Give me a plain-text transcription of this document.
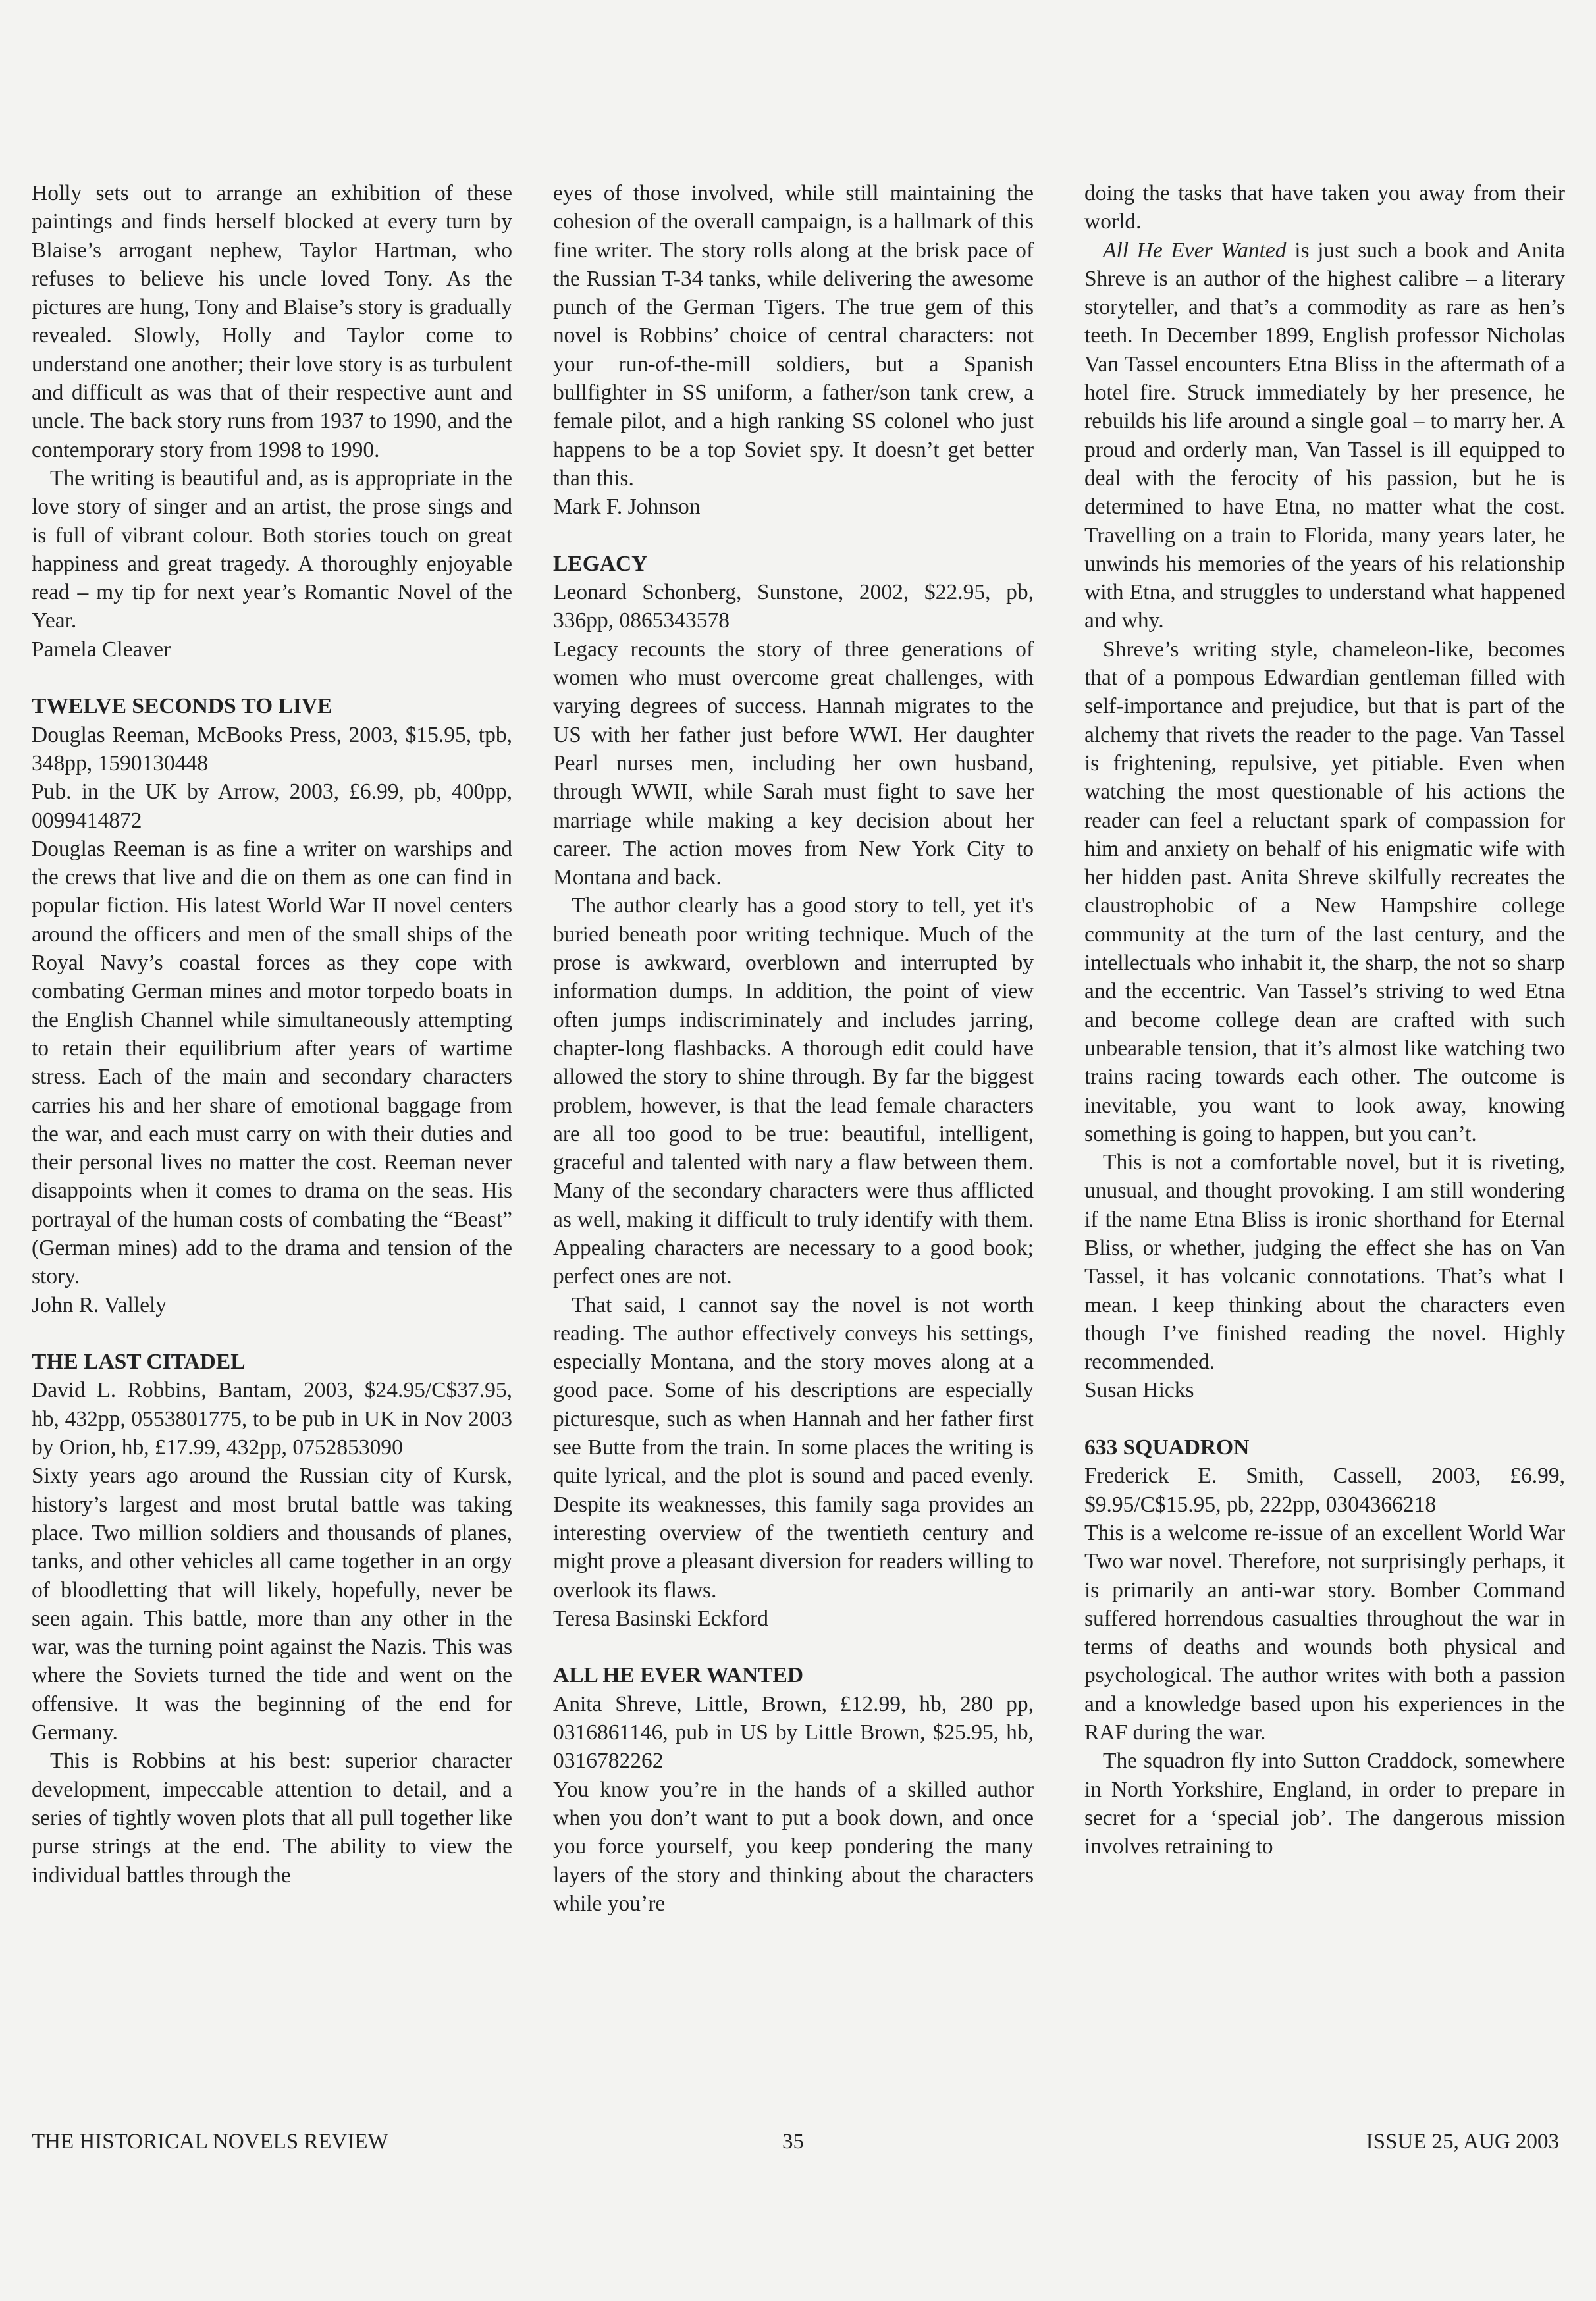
Holly sets out to arrange an exhibition of these paintings and finds herself blocked at every turn by Blaise’s arrogant nephew, Taylor Hartman, who refuses to believe his uncle loved Tony. As the pictures are hung, Tony and Blaise’s story is gradually revealed. Slowly, Holly and Taylor come to understand one another; their love story is as turbulent and difficult as was that of their respective aunt and uncle. The back story runs from 1937 to 1990, and the contemporary story from 1998 to 1990.

The writing is beautiful and, as is appropriate in the love story of singer and an artist, the prose sings and is full of vibrant colour. Both stories touch on great happiness and great tragedy. A thoroughly enjoyable read – my tip for next year’s Romantic Novel of the Year.

Pamela Cleaver

TWELVE SECONDS TO LIVE

Douglas Reeman, McBooks Press, 2003, $15.95, tpb, 348pp, 1590130448

Pub. in the UK by Arrow, 2003, £6.99, pb, 400pp, 0099414872

Douglas Reeman is as fine a writer on warships and the crews that live and die on them as one can find in popular fiction. His latest World War II novel centers around the officers and men of the small ships of the Royal Navy’s coastal forces as they cope with combating German mines and motor torpedo boats in the English Channel while simultaneously attempting to retain their equilibrium after years of wartime stress. Each of the main and secondary characters carries his and her share of emotional baggage from the war, and each must carry on with their duties and their personal lives no matter the cost. Reeman never disappoints when it comes to drama on the seas. His portrayal of the human costs of combating the “Beast” (German mines) add to the drama and tension of the story.

John R. Vallely

THE LAST CITADEL

David L. Robbins, Bantam, 2003, $24.95/C$37.95, hb, 432pp, 0553801775, to be pub in UK in Nov 2003 by Orion, hb, £17.99, 432pp, 0752853090

Sixty years ago around the Russian city of Kursk, history’s largest and most brutal battle was taking place. Two million soldiers and thousands of planes, tanks, and other vehicles all came together in an orgy of bloodletting that will likely, hopefully, never be seen again. This battle, more than any other in the war, was the turning point against the Nazis. This was where the Soviets turned the tide and went on the offensive. It was the beginning of the end for Germany.

This is Robbins at his best: superior character development, impeccable attention to detail, and a series of tightly woven plots that all pull together like purse strings at the end. The ability to view the individual battles through the

eyes of those involved, while still maintaining the cohesion of the overall campaign, is a hallmark of this fine writer. The story rolls along at the brisk pace of the Russian T-34 tanks, while delivering the awesome punch of the German Tigers. The true gem of this novel is Robbins’ choice of central characters: not your run-of-the-mill soldiers, but a Spanish bullfighter in SS uniform, a father/son tank crew, a female pilot, and a high ranking SS colonel who just happens to be a top Soviet spy. It doesn’t get better than this.

Mark F. Johnson

LEGACY

Leonard Schonberg, Sunstone, 2002, $22.95, pb, 336pp, 0865343578

Legacy recounts the story of three generations of women who must overcome great challenges, with varying degrees of success. Hannah migrates to the US with her father just before WWI. Her daughter Pearl nurses men, including her own husband, through WWII, while Sarah must fight to save her marriage while making a key decision about her career. The action moves from New York City to Montana and back.

The author clearly has a good story to tell, yet it's buried beneath poor writing technique. Much of the prose is awkward, overblown and interrupted by information dumps. In addition, the point of view often jumps indiscriminately and includes jarring, chapter-long flashbacks. A thorough edit could have allowed the story to shine through. By far the biggest problem, however, is that the lead female characters are all too good to be true: beautiful, intelligent, graceful and talented with nary a flaw between them. Many of the secondary characters were thus afflicted as well, making it difficult to truly identify with them. Appealing characters are necessary to a good book; perfect ones are not.

That said, I cannot say the novel is not worth reading. The author effectively conveys his settings, especially Montana, and the story moves along at a good pace. Some of his descriptions are especially picturesque, such as when Hannah and her father first see Butte from the train. In some places the writing is quite lyrical, and the plot is sound and paced evenly. Despite its weaknesses, this family saga provides an interesting overview of the twentieth century and might prove a pleasant diversion for readers willing to overlook its flaws.

Teresa Basinski Eckford

ALL HE EVER WANTED

Anita Shreve, Little, Brown, £12.99, hb, 280 pp, 0316861146, pub in US by Little Brown, $25.95, hb, 0316782262

You know you’re in the hands of a skilled author when you don’t want to put a book down, and once you force yourself, you keep pondering the many layers of the story and thinking about the characters while you’re

doing the tasks that have taken you away from their world.

All He Ever Wanted is just such a book and Anita Shreve is an author of the highest calibre – a literary storyteller, and that’s a commodity as rare as hen’s teeth. In December 1899, English professor Nicholas Van Tassel encounters Etna Bliss in the aftermath of a hotel fire. Struck immediately by her presence, he rebuilds his life around a single goal – to marry her. A proud and orderly man, Van Tassel is ill equipped to deal with the ferocity of his passion, but he is determined to have Etna, no matter what the cost. Travelling on a train to Florida, many years later, he unwinds his memories of the years of his relationship with Etna, and struggles to understand what happened and why.

Shreve’s writing style, chameleon-like, becomes that of a pompous Edwardian gentleman filled with self-importance and prejudice, but that is part of the alchemy that rivets the reader to the page. Van Tassel is frightening, repulsive, yet pitiable. Even when watching the most questionable of his actions the reader can feel a reluctant spark of compassion for him and anxiety on behalf of his enigmatic wife with her hidden past. Anita Shreve skilfully recreates the claustrophobic of a New Hampshire college community at the turn of the last century, and the intellectuals who inhabit it, the sharp, the not so sharp and the eccentric. Van Tassel’s striving to wed Etna and become college dean are crafted with such unbearable tension, that it’s almost like watching two trains racing towards each other. The outcome is inevitable, you want to look away, knowing something is going to happen, but you can’t.

This is not a comfortable novel, but it is riveting, unusual, and thought provoking. I am still wondering if the name Etna Bliss is ironic shorthand for Eternal Bliss, or whether, judging the effect she has on Van Tassel, it has volcanic connotations. That’s what I mean. I keep thinking about the characters even though I’ve finished reading the novel. Highly recommended.

Susan Hicks

633 SQUADRON

Frederick E. Smith, Cassell, 2003, £6.99, $9.95/C$15.95, pb, 222pp, 0304366218

This is a welcome re-issue of an excellent World War Two war novel. Therefore, not surprisingly perhaps, it is primarily an anti-war story. Bomber Command suffered horrendous casualties throughout the war in terms of deaths and wounds both physical and psychological. The author writes with both a passion and a knowledge based upon his experiences in the RAF during the war.

The squadron fly into Sutton Craddock, somewhere in North Yorkshire, England, in order to prepare in secret for a ‘special job’. The dangerous mission involves retraining to

THE HISTORICAL NOVELS REVIEW	35	ISSUE 25, AUG 2003
